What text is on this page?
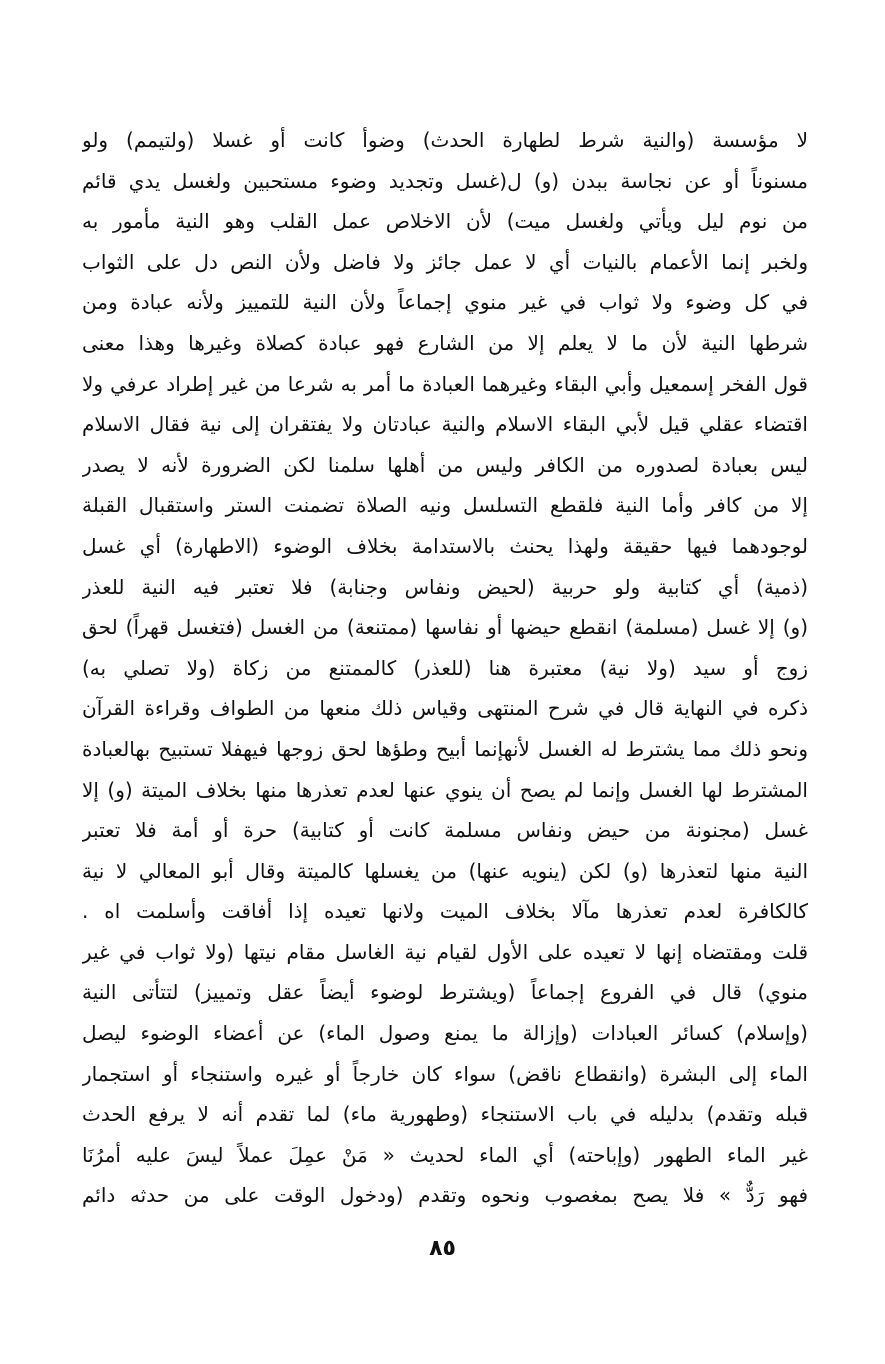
لا مؤسسة (والنية شرط لطهارة الحدث) وضوأ كانت أو غسلا (ولتيمم) ولو
مسنوناً أو عن نجاسة ببدن (و) ل(غسل وتجديد وضوء مستحبين ولغسل يدي قائم
من نوم ليل ويأتي ولغسل ميت) لأن الاخلاص عمل القلب وهو النية مأمور به
ولخبر إنما الأعمام بالنيات أي لا عمل جائز ولا فاضل ولأن النص دل على الثواب
في كل وضوء ولا ثواب في غير منوي إجماعاً ولأن النية للتمييز ولأنه عبادة ومن
شرطها النية لأن ما لا يعلم إلا من الشارع فهو عبادة كصلاة وغيرها وهذا معنى
قول الفخر إسمعيل وأبي البقاء وغيرهما العبادة ما أمر به شرعا من غير إطراد عرفي ولا
اقتضاء عقلي قيل لأبي البقاء الاسلام والنية عبادتان ولا يفتقران إلى نية فقال الاسلام
ليس بعبادة لصدوره من الكافر وليس من أهلها سلمنا لكن الضرورة لأنه لا يصدر
إلا من كافر وأما النية فلقطع التسلسل ونيه الصلاة تضمنت الستر واستقبال القبلة
لوجودهما فيها حقيقة ولهذا يحنث بالاستدامة بخلاف الوضوء (الاطهارة) أي غسل
(ذمية) أي كتابية ولو حربية (لحيض ونفاس وجنابة) فلا تعتبر فيه النية للعذر
(و) إلا غسل (مسلمة) انقطع حيضها أو نفاسها (ممتنعة) من الغسل (فتغسل قهراً) لحق
زوج أو سيد (ولا نية) معتبرة هنا (للعذر) كالممتنع من زكاة (ولا تصلي به)
ذكره في النهاية قال في شرح المنتهى وقياس ذلك منعها من الطواف وقراءة القرآن
ونحو ذلك مما يشترط له الغسل لأنهإنما أبيح وطؤها لحق زوجها فيهفلا تستبيح بهالعبادة
المشترط لها الغسل وإنما لم يصح أن ينوي عنها لعدم تعذرها منها بخلاف الميتة (و) إلا
غسل (مجنونة من حيض ونفاس مسلمة كانت أو كتابية) حرة أو أمة فلا تعتبر
النية منها لتعذرها (و) لكن (ينويه عنها) من يغسلها كالميتة وقال أبو المعالي لا نية
كالكافرة لعدم تعذرها مآلا بخلاف الميت ولانها تعيده إذا أفاقت وأسلمت اه .
قلت ومقتضاه إنها لا تعيده على الأول لقيام نية الغاسل مقام نيتها (ولا ثواب في غير
منوي) قال في الفروع إجماعاً (ويشترط لوضوء أيضاً عقل وتمييز) لتتأتى النية
(وإسلام) كسائر العبادات (وإزالة ما يمنع وصول الماء) عن أعضاء الوضوء ليصل
الماء إلى البشرة (وانقطاع ناقض) سواء كان خارجاً أو غيره واستنجاء أو استجمار
قبله وتقدم) بدليله في باب الاستنجاء (وطهورية ماء) لما تقدم أنه لا يرفع الحدث
غير الماء الطهور (وإباحته) أي الماء لحديث « مَنْ عمِلَ عملاً ليسَ عليه أمرُنَا
فهو رَدٌّ » فلا يصح بمغصوب ونحوه وتقدم (ودخول الوقت على من حدثه دائم
٨٥
